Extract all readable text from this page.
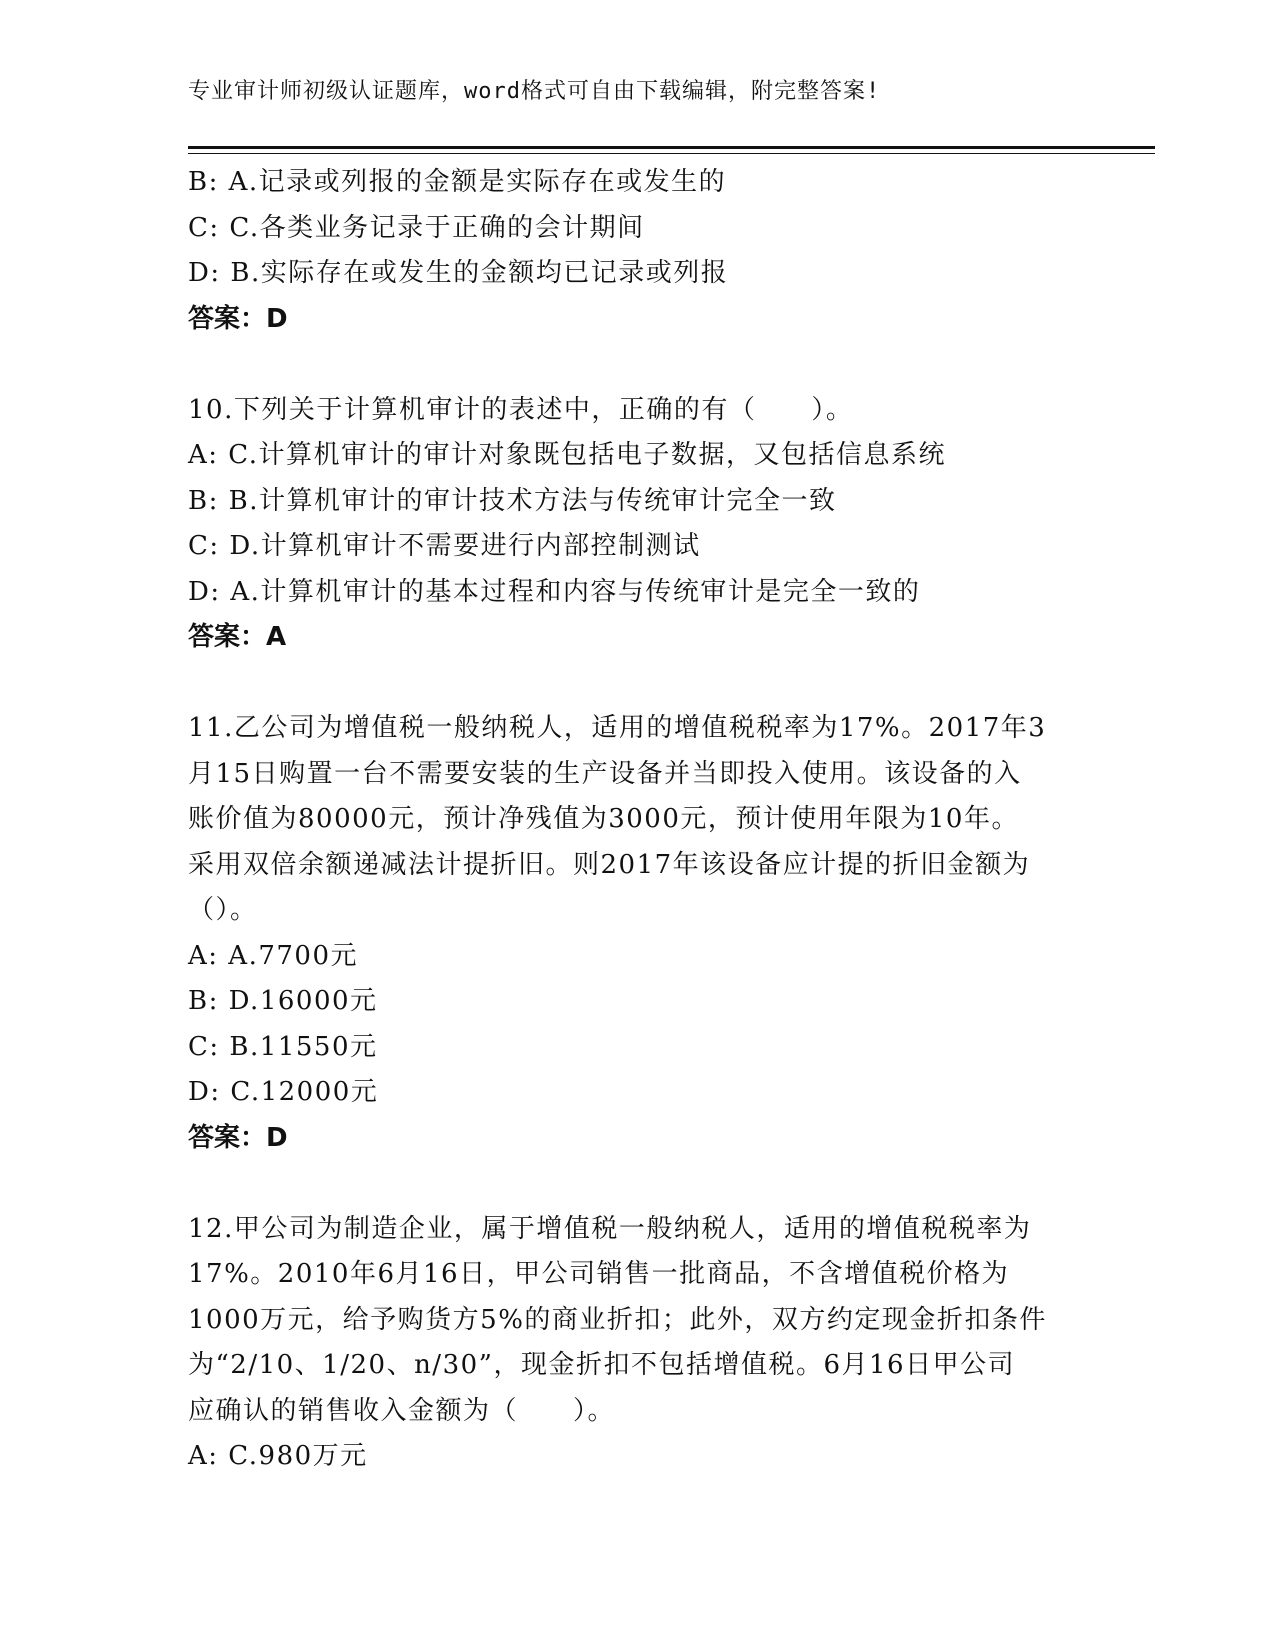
专业审计师初级认证题库，word格式可自由下载编辑，附完整答案!
B: A.记录或列报的金额是实际存在或发生的
C: C.各类业务记录于正确的会计期间
D: B.实际存在或发生的金额均已记录或列报
答案：D
10.下列关于计算机审计的表述中，正确的有（　　）。
A: C.计算机审计的审计对象既包括电子数据，又包括信息系统
B: B.计算机审计的审计技术方法与传统审计完全一致
C: D.计算机审计不需要进行内部控制测试
D: A.计算机审计的基本过程和内容与传统审计是完全一致的
答案：A
11.乙公司为增值税一般纳税人，适用的增值税税率为17%。2017年3
月15日购置一台不需要安装的生产设备并当即投入使用。该设备的入
账价值为80000元，预计净残值为3000元，预计使用年限为10年。
采用双倍余额递减法计提折旧。则2017年该设备应计提的折旧金额为
（）。
A: A.7700元
B: D.16000元
C: B.11550元
D: C.12000元
答案：D
12.甲公司为制造企业，属于增值税一般纳税人，适用的增值税税率为
17%。2010年6月16日，甲公司销售一批商品，不含增值税价格为
1000万元，给予购货方5%的商业折扣；此外，双方约定现金折扣条件
为“2/10、1/20、n/30”，现金折扣不包括增值税。6月16日甲公司
应确认的销售收入金额为（　　）。
A: C.980万元
